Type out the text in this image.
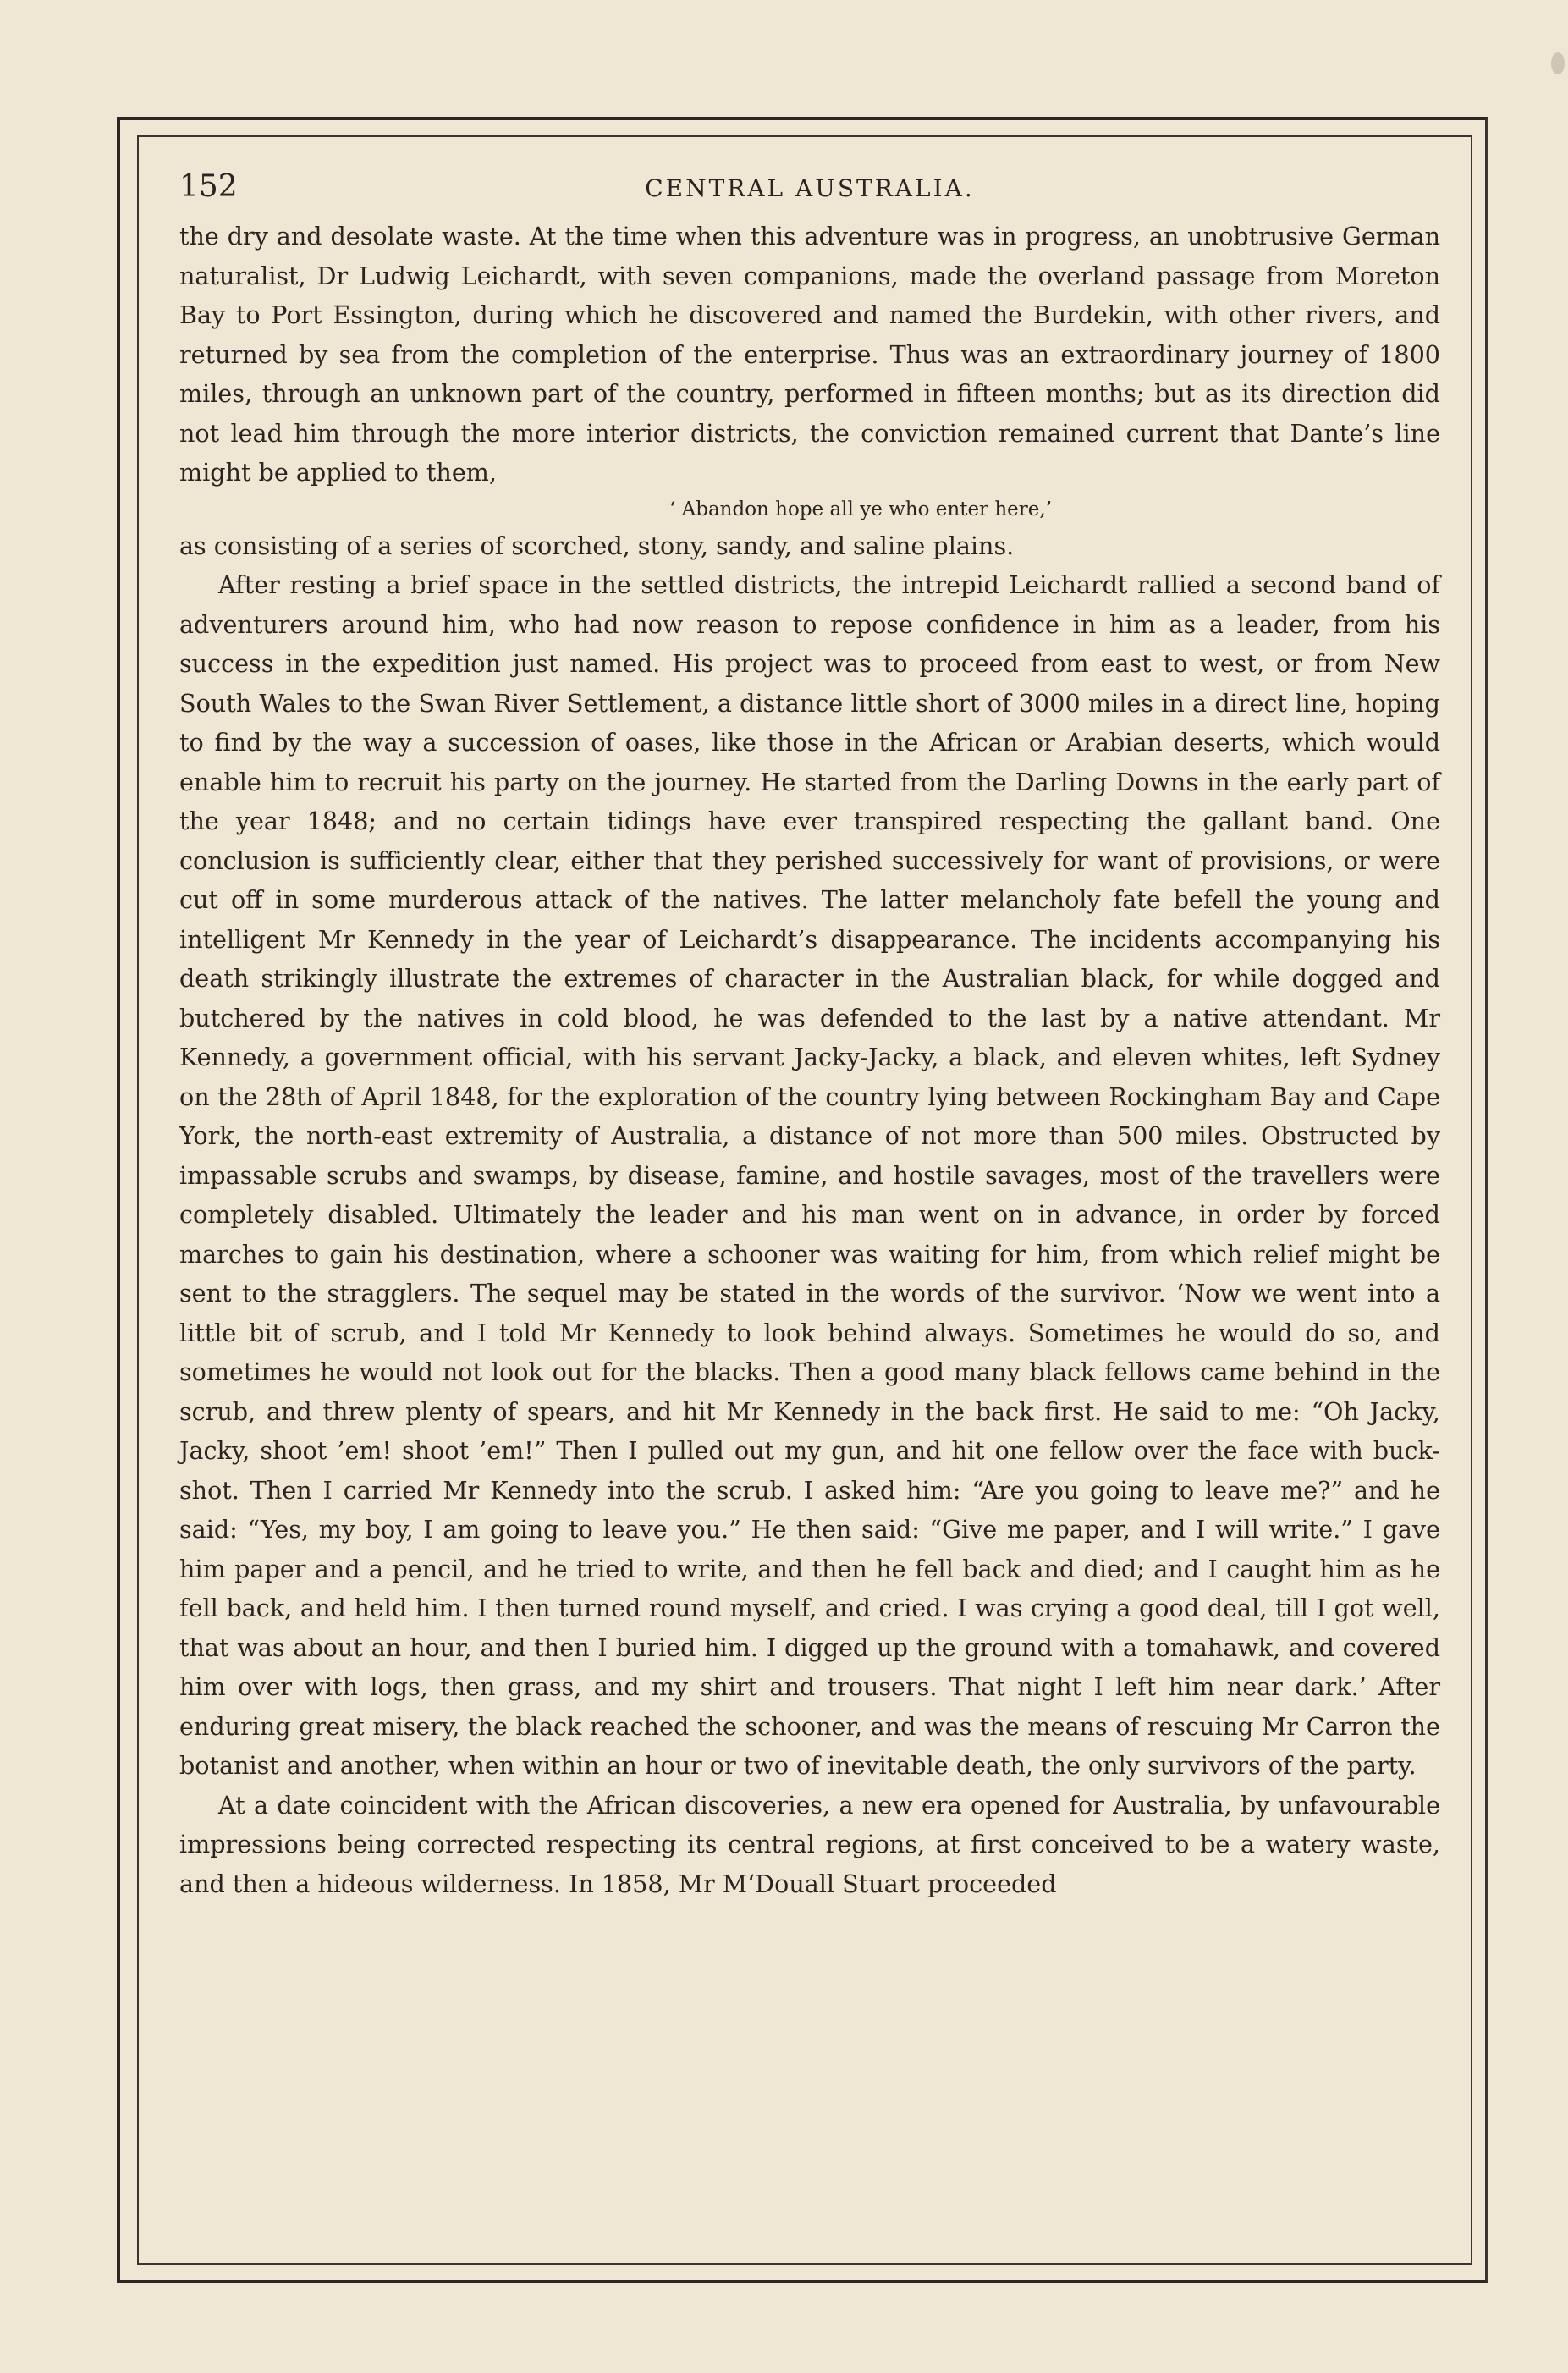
152	CENTRAL AUSTRALIA.

the dry and desolate waste. At the time when this adventure was in progress, an unobtrusive German naturalist, Dr Ludwig Leichardt, with seven companions, made the overland passage from Moreton Bay to Port Essington, during which he discovered and named the Burdekin, with other rivers, and returned by sea from the completion of the enterprise. Thus was an extraordinary journey of 1800 miles, through an unknown part of the country, performed in fifteen months; but as its direction did not lead him through the more interior districts, the conviction remained current that Dante’s line might be applied to them,

‘ Abandon hope all ye who enter here,’

as consisting of a series of scorched, stony, sandy, and saline plains.

After resting a brief space in the settled districts, the intrepid Leichardt rallied a second band of adventurers around him, who had now reason to repose confidence in him as a leader, from his success in the expedition just named. His project was to proceed from east to west, or from New South Wales to the Swan River Settlement, a distance little short of 3000 miles in a direct line, hoping to find by the way a succession of oases, like those in the African or Arabian deserts, which would enable him to recruit his party on the journey. He started from the Darling Downs in the early part of the year 1848; and no certain tidings have ever transpired respecting the gallant band. One conclusion is sufficiently clear, either that they perished successively for want of provisions, or were cut off in some murderous attack of the natives. The latter melancholy fate befell the young and intelligent Mr Kennedy in the year of Leichardt’s disappearance. The incidents accompanying his death strikingly illustrate the extremes of character in the Australian black, for while dogged and butchered by the natives in cold blood, he was defended to the last by a native attendant. Mr Kennedy, a government official, with his servant Jacky-Jacky, a black, and eleven whites, left Sydney on the 28th of April 1848, for the exploration of the country lying between Rockingham Bay and Cape York, the north-east extremity of Australia, a distance of not more than 500 miles. Obstructed by impassable scrubs and swamps, by disease, famine, and hostile savages, most of the travellers were completely disabled. Ultimately the leader and his man went on in advance, in order by forced marches to gain his destination, where a schooner was waiting for him, from which relief might be sent to the stragglers. The sequel may be stated in the words of the survivor. ‘Now we went into a little bit of scrub, and I told Mr Kennedy to look behind always. Sometimes he would do so, and sometimes he would not look out for the blacks. Then a good many black fellows came behind in the scrub, and threw plenty of spears, and hit Mr Kennedy in the back first. He said to me: “Oh Jacky, Jacky, shoot ’em! shoot ’em!” Then I pulled out my gun, and hit one fellow over the face with buck-shot. Then I carried Mr Kennedy into the scrub. I asked him: “Are you going to leave me?” and he said: “Yes, my boy, I am going to leave you.” He then said: “Give me paper, and I will write.” I gave him paper and a pencil, and he tried to write, and then he fell back and died; and I caught him as he fell back, and held him. I then turned round myself, and cried. I was crying a good deal, till I got well, that was about an hour, and then I buried him. I digged up the ground with a tomahawk, and covered him over with logs, then grass, and my shirt and trousers. That night I left him near dark.’ After enduring great misery, the black reached the schooner, and was the means of rescuing Mr Carron the botanist and another, when within an hour or two of inevitable death, the only survivors of the party.

At a date coincident with the African discoveries, a new era opened for Australia, by unfavourable impressions being corrected respecting its central regions, at first conceived to be a watery waste, and then a hideous wilderness. In 1858, Mr M‘Douall Stuart proceeded
